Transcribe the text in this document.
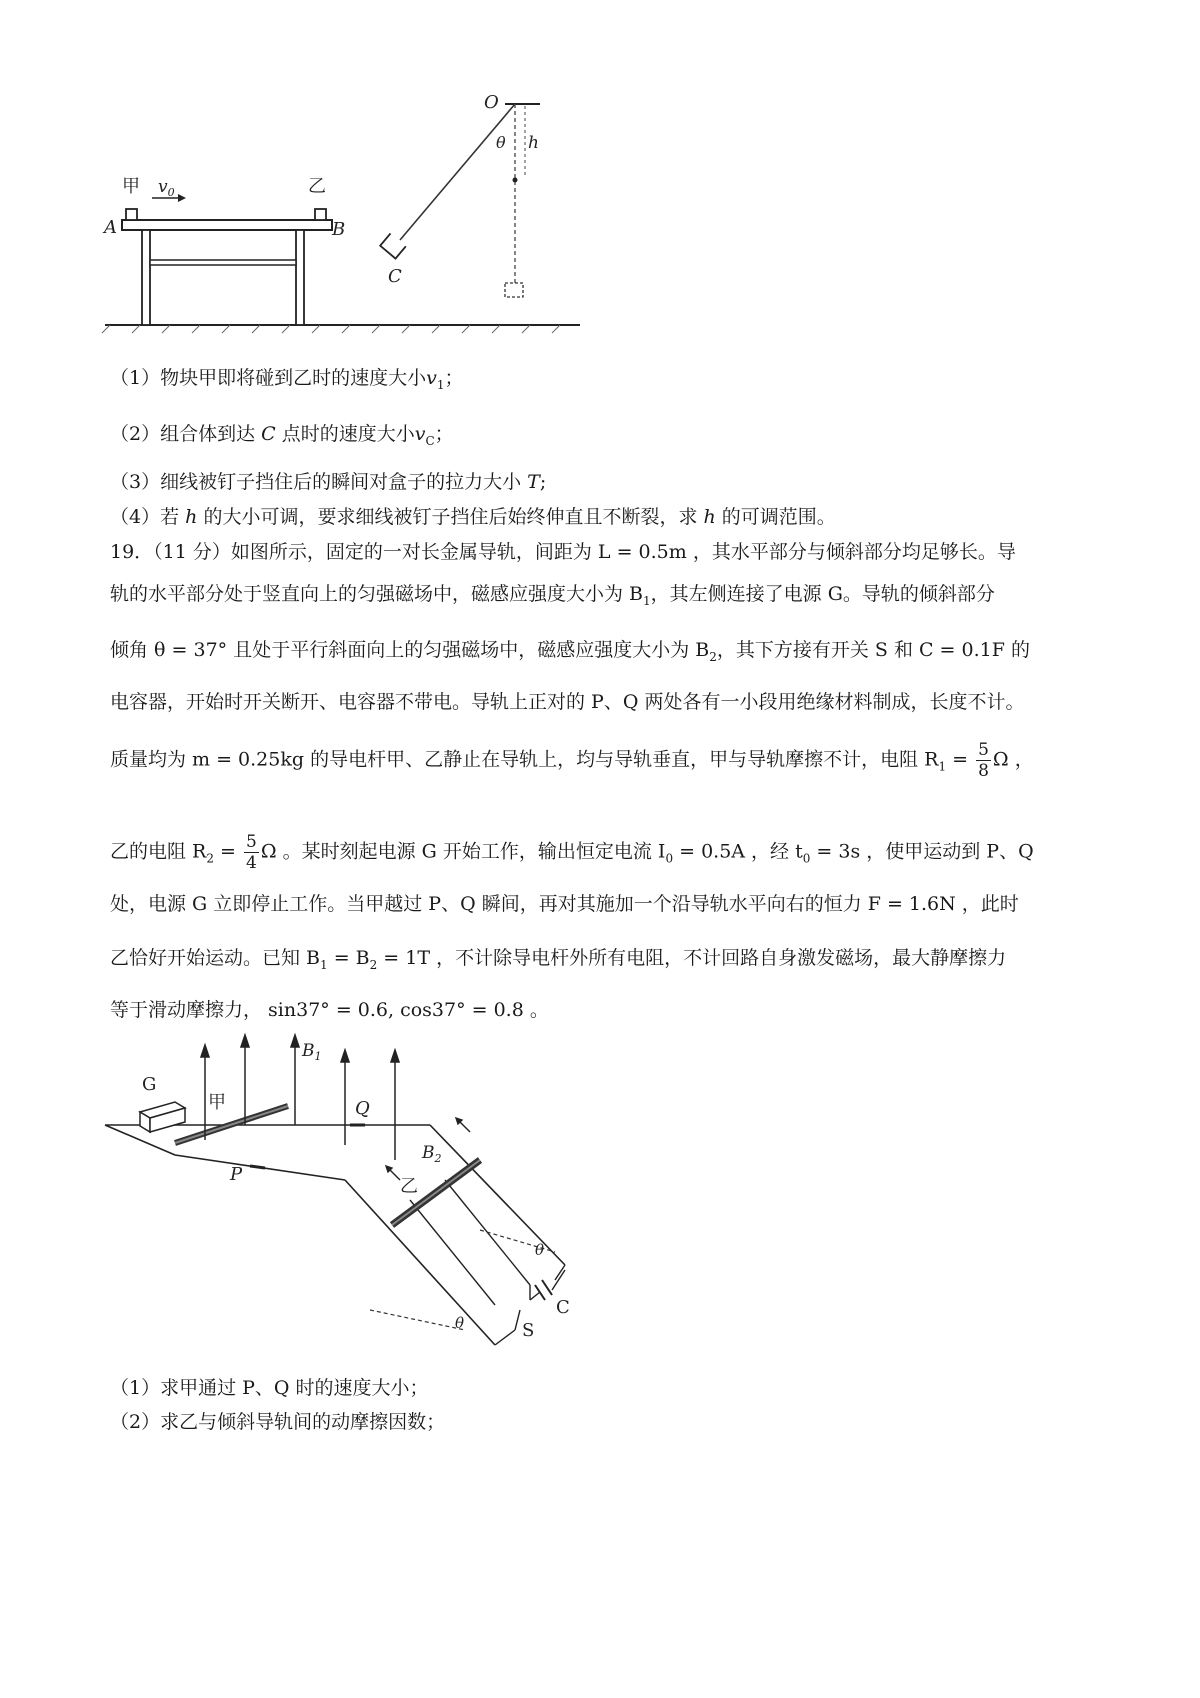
甲 $v_0$	乙
A	B
O
θ h
C
（1）物块甲即将碰到乙时的速度大小$v_1$；
（2）组合体到达 C 点时的速度大小$v_C$；
（3）细线被钉子挡住后的瞬间对盒子的拉力大小 T;
（4）若 h 的大小可调，要求细线被钉子挡住后始终伸直且不断裂，求 h 的可调范围。
19．（11 分）如图所示，固定的一对长金属导轨，间距为 L = 0.5m ，其水平部分与倾斜部分均足够长。导
轨的水平部分处于竖直向上的匀强磁场中，磁感应强度大小为 $B_1$，其左侧连接了电源 G。导轨的倾斜部分
倾角 θ = 37° 且处于平行斜面向上的匀强磁场中，磁感应强度大小为 $B_2$，其下方接有开关 S 和 C = 0.1F 的
电容器，开始时开关断开、电容器不带电。导轨上正对的 P、Q 两处各有一小段用绝缘材料制成，长度不计。
质量均为 m = 0.25kg 的导电杆甲、乙静止在导轨上，均与导轨垂直，甲与导轨摩擦不计，电阻 $R_1 = \frac{5}{8}$ Ω ，
乙的电阻 $R_2 = \frac{5}{4}$ Ω 。某时刻起电源 G 开始工作，输出恒定电流 $I_0 = 0.5A$ ，经 $t_0 = 3s$ ，使甲运动到 P、Q
处，电源 G 立即停止工作。当甲越过 P、Q 瞬间，再对其施加一个沿导轨水平向右的恒力 F = 1.6N ，此时
乙恰好开始运动。已知 $B_1 = B_2 = 1T$ ，不计除导电杆外所有电阻，不计回路自身激发磁场，最大静摩擦力
等于滑动摩擦力， sin37° = 0.6, cos37° = 0.8 。
G
甲
$B_1$
Q
P
$B_2$
乙
θ
θ
C
S
（1）求甲通过 P、Q 时的速度大小；
（2）求乙与倾斜导轨间的动摩擦因数；
